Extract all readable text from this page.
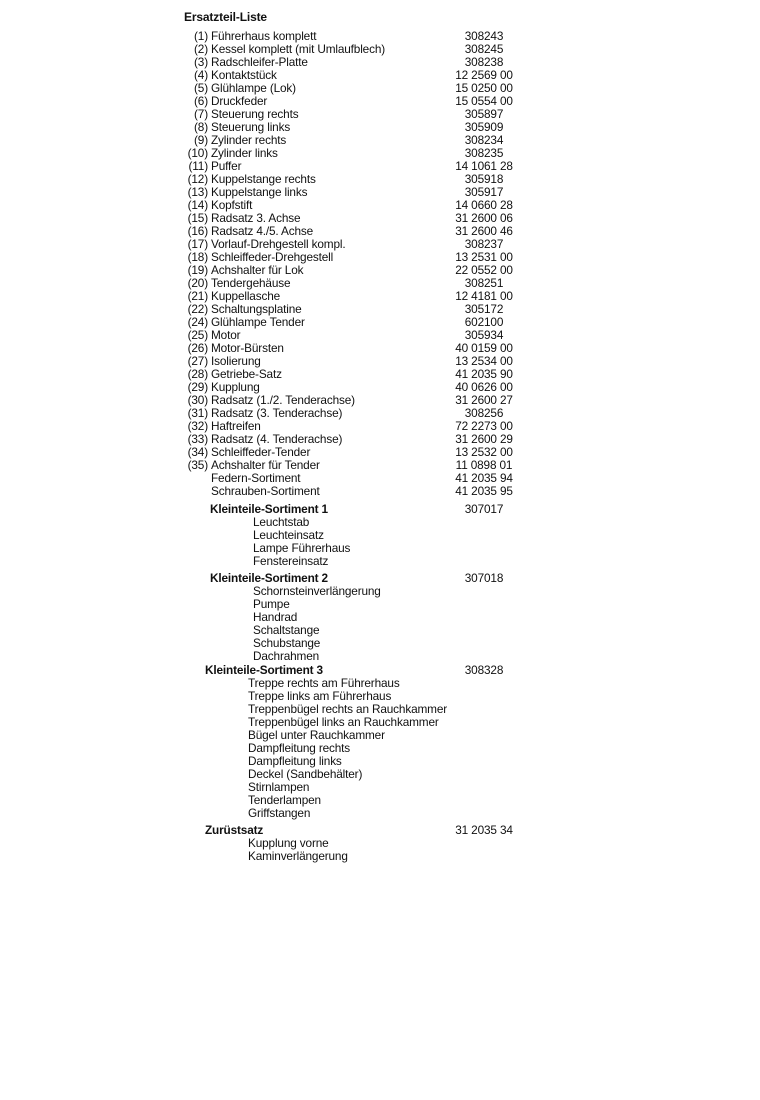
Ersatzteil-Liste
(1) Führerhaus komplett	308243
(2) Kessel komplett (mit Umlaufblech)	308245
(3) Radschleifer-Platte	308238
(4) Kontaktstück	12 2569 00
(5) Glühlampe (Lok)	15 0250 00
(6) Druckfeder	15 0554 00
(7) Steuerung rechts	305897
(8) Steuerung links	305909
(9) Zylinder rechts	308234
(10) Zylinder links	308235
(11) Puffer	14 1061 28
(12) Kuppelstange rechts	305918
(13) Kuppelstange links	305917
(14) Kopfstift	14 0660 28
(15) Radsatz 3. Achse	31 2600 06
(16) Radsatz 4./5. Achse	31 2600 46
(17) Vorlauf-Drehgestell kompl.	308237
(18) Schleiffeder-Drehgestell	13 2531 00
(19) Achshalter für Lok	22 0552 00
(20) Tendergehäuse	308251
(21) Kuppellasche	12 4181 00
(22) Schaltungsplatine	305172
(24) Glühlampe Tender	602100
(25) Motor	305934
(26) Motor-Bürsten	40 0159 00
(27) Isolierung	13 2534 00
(28) Getriebe-Satz	41 2035 90
(29) Kupplung	40 0626 00
(30) Radsatz (1./2. Tenderachse)	31 2600 27
(31) Radsatz (3. Tenderachse)	308256
(32) Haftreifen	72 2273 00
(33) Radsatz (4. Tenderachse)	31 2600 29
(34) Schleiffeder-Tender	13 2532 00
(35) Achshalter für Tender	11 0898 01
Federn-Sortiment	41 2035 94
Schrauben-Sortiment	41 2035 95
Kleinteile-Sortiment 1	307017
Leuchtstab
Leuchteinsatz
Lampe Führerhaus
Fenstereinsatz
Kleinteile-Sortiment 2	307018
Schornsteinverlängerung
Pumpe
Handrad
Schaltstange
Schubstange
Dachrahmen
Kleinteile-Sortiment 3	308328
Treppe rechts am Führerhaus
Treppe links am Führerhaus
Treppenbügel rechts an Rauchkammer
Treppenbügel links an Rauchkammer
Bügel unter Rauchkammer
Dampfleitung rechts
Dampfleitung links
Deckel (Sandbehälter)
Stirnlampen
Tenderlampen
Griffstangen
Zurüstsatz	31 2035 34
Kupplung vorne
Kaminverlängerung
